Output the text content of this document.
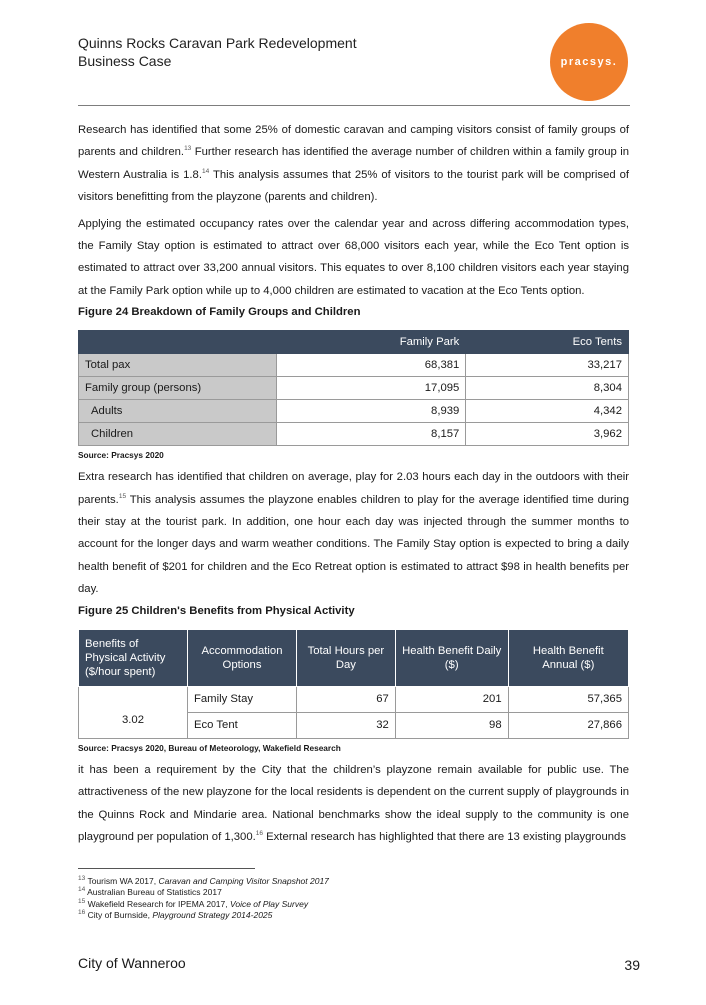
Quinns Rocks Caravan Park Redevelopment
Business Case	pracsys.

Research has identified that some 25% of domestic caravan and camping visitors consist of family groups of parents and children.$^{13}$ Further research has identified the average number of children within a family group in Western Australia is 1.8.14 This analysis assumes that 25% of visitors to the tourist park will be comprised of visitors benefitting from the playzone (parents and children).

Applying the estimated occupancy rates over the calendar year and across differing accommodation types, the Family Stay option is estimated to attract over 68,000 visitors each year, while the Eco Tent option is estimated to attract over 33,200 annual visitors. This equates to over 8,100 children visitors each year staying at the Family Park option while up to 4,000 children are estimated to vacation at the Eco Tents option.

Figure 24 Breakdown of Family Groups and Children
	Family Park	Eco Tents
Total pax	68,381	33,217
Family group (persons)	17,095	8,304
Adults	8,939	4,342
Children	8,157	3,962
Source: Pracsys 2020

Extra research has identified that children on average, play for 2.03 hours each day in the outdoors with their parents.$^{15}$ This analysis assumes the playzone enables children to play for the average identified time during their stay at the tourist park. In addition, one hour each day was injected through the summer months to account for the longer days and warm weather conditions. The Family Stay option is expected to bring a daily health benefit of $201 for children and the Eco Retreat option is estimated to attract $98 in health benefits per day.

Figure 25 Children's Benefits from Physical Activity
Benefits of Physical Activity ($/hour spent)	Accommodation Options	Total Hours per Day	Health Benefit Daily ($)	Health Benefit Annual ($)
3.02	Family Stay	67	201	57,365
	Eco Tent	32	98	27,866
Source: Pracsys 2020, Bureau of Meteorology, Wakefield Research

it has been a requirement by the City that the children’s playzone remain available for public use. The attractiveness of the new playzone for the local residents is dependent on the current supply of playgrounds in the Quinns Rock and Mindarie area. National benchmarks show the ideal supply to the community is one playground per population of 1,300.16 External research has highlighted that there are 13 existing playgrounds

$^{13}$ Tourism WA 2017, Caravan and Camping Visitor Snapshot 2017
$^{14}$ Australian Bureau of Statistics 2017
$^{15}$ Wakefield Research for IPEMA 2017, Voice of Play Survey
$^{16}$ City of Burnside, Playground Strategy 2014-2025
City of Wanneroo	39
